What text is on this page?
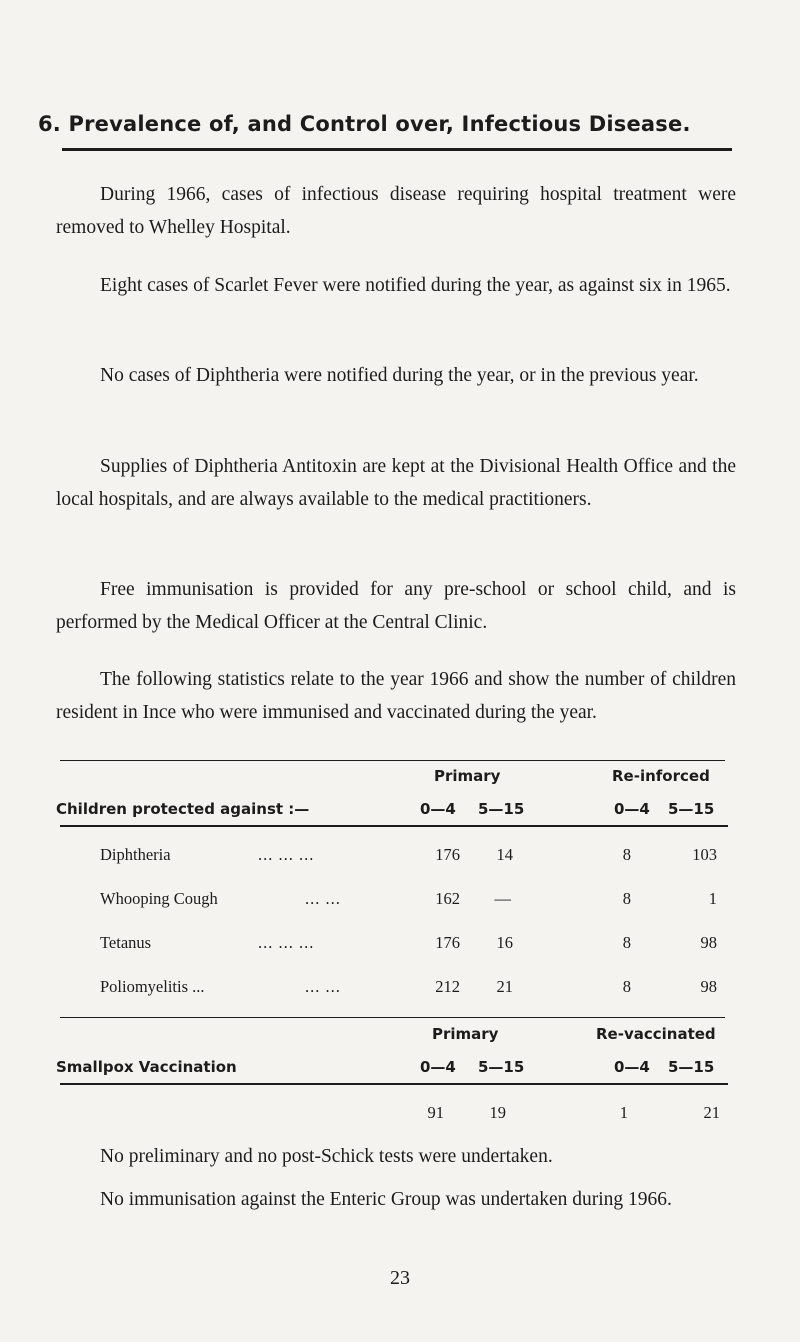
6. Prevalence of, and Control over, Infectious Disease.

During 1966, cases of infectious disease requiring hospital treatment were removed to Whelley Hospital.

Eight cases of Scarlet Fever were notified during the year, as against six in 1965.

No cases of Diphtheria were notified during the year, or in the previous year.

Supplies of Diphtheria Antitoxin are kept at the Divisional Health Office and the local hospitals, and are always available to the medical practitioners.

Free immunisation is provided for any pre-school or school child, and is performed by the Medical Officer at the Central Clinic.

The following statistics relate to the year 1966 and show the number of children resident in Ince who were immunised and vaccinated during the year.

Primary	Re-inforced
Children protected against :—	0—4 5—15	0—4 5—15
Diphtheria	... ... ...	176	14	8	103
Whooping Cough	... ...	162	—	8	1
Tetanus	... ... ...	176	16	8	98
Poliomyelitis ...	... ...	212	21	8	98
Primary	Re-vaccinated
Smallpox Vaccination	0—4 5—15	0—4 5—15
91	19	1	21

No preliminary and no post-Schick tests were undertaken.

No immunisation against the Enteric Group was undertaken during 1966.

23
